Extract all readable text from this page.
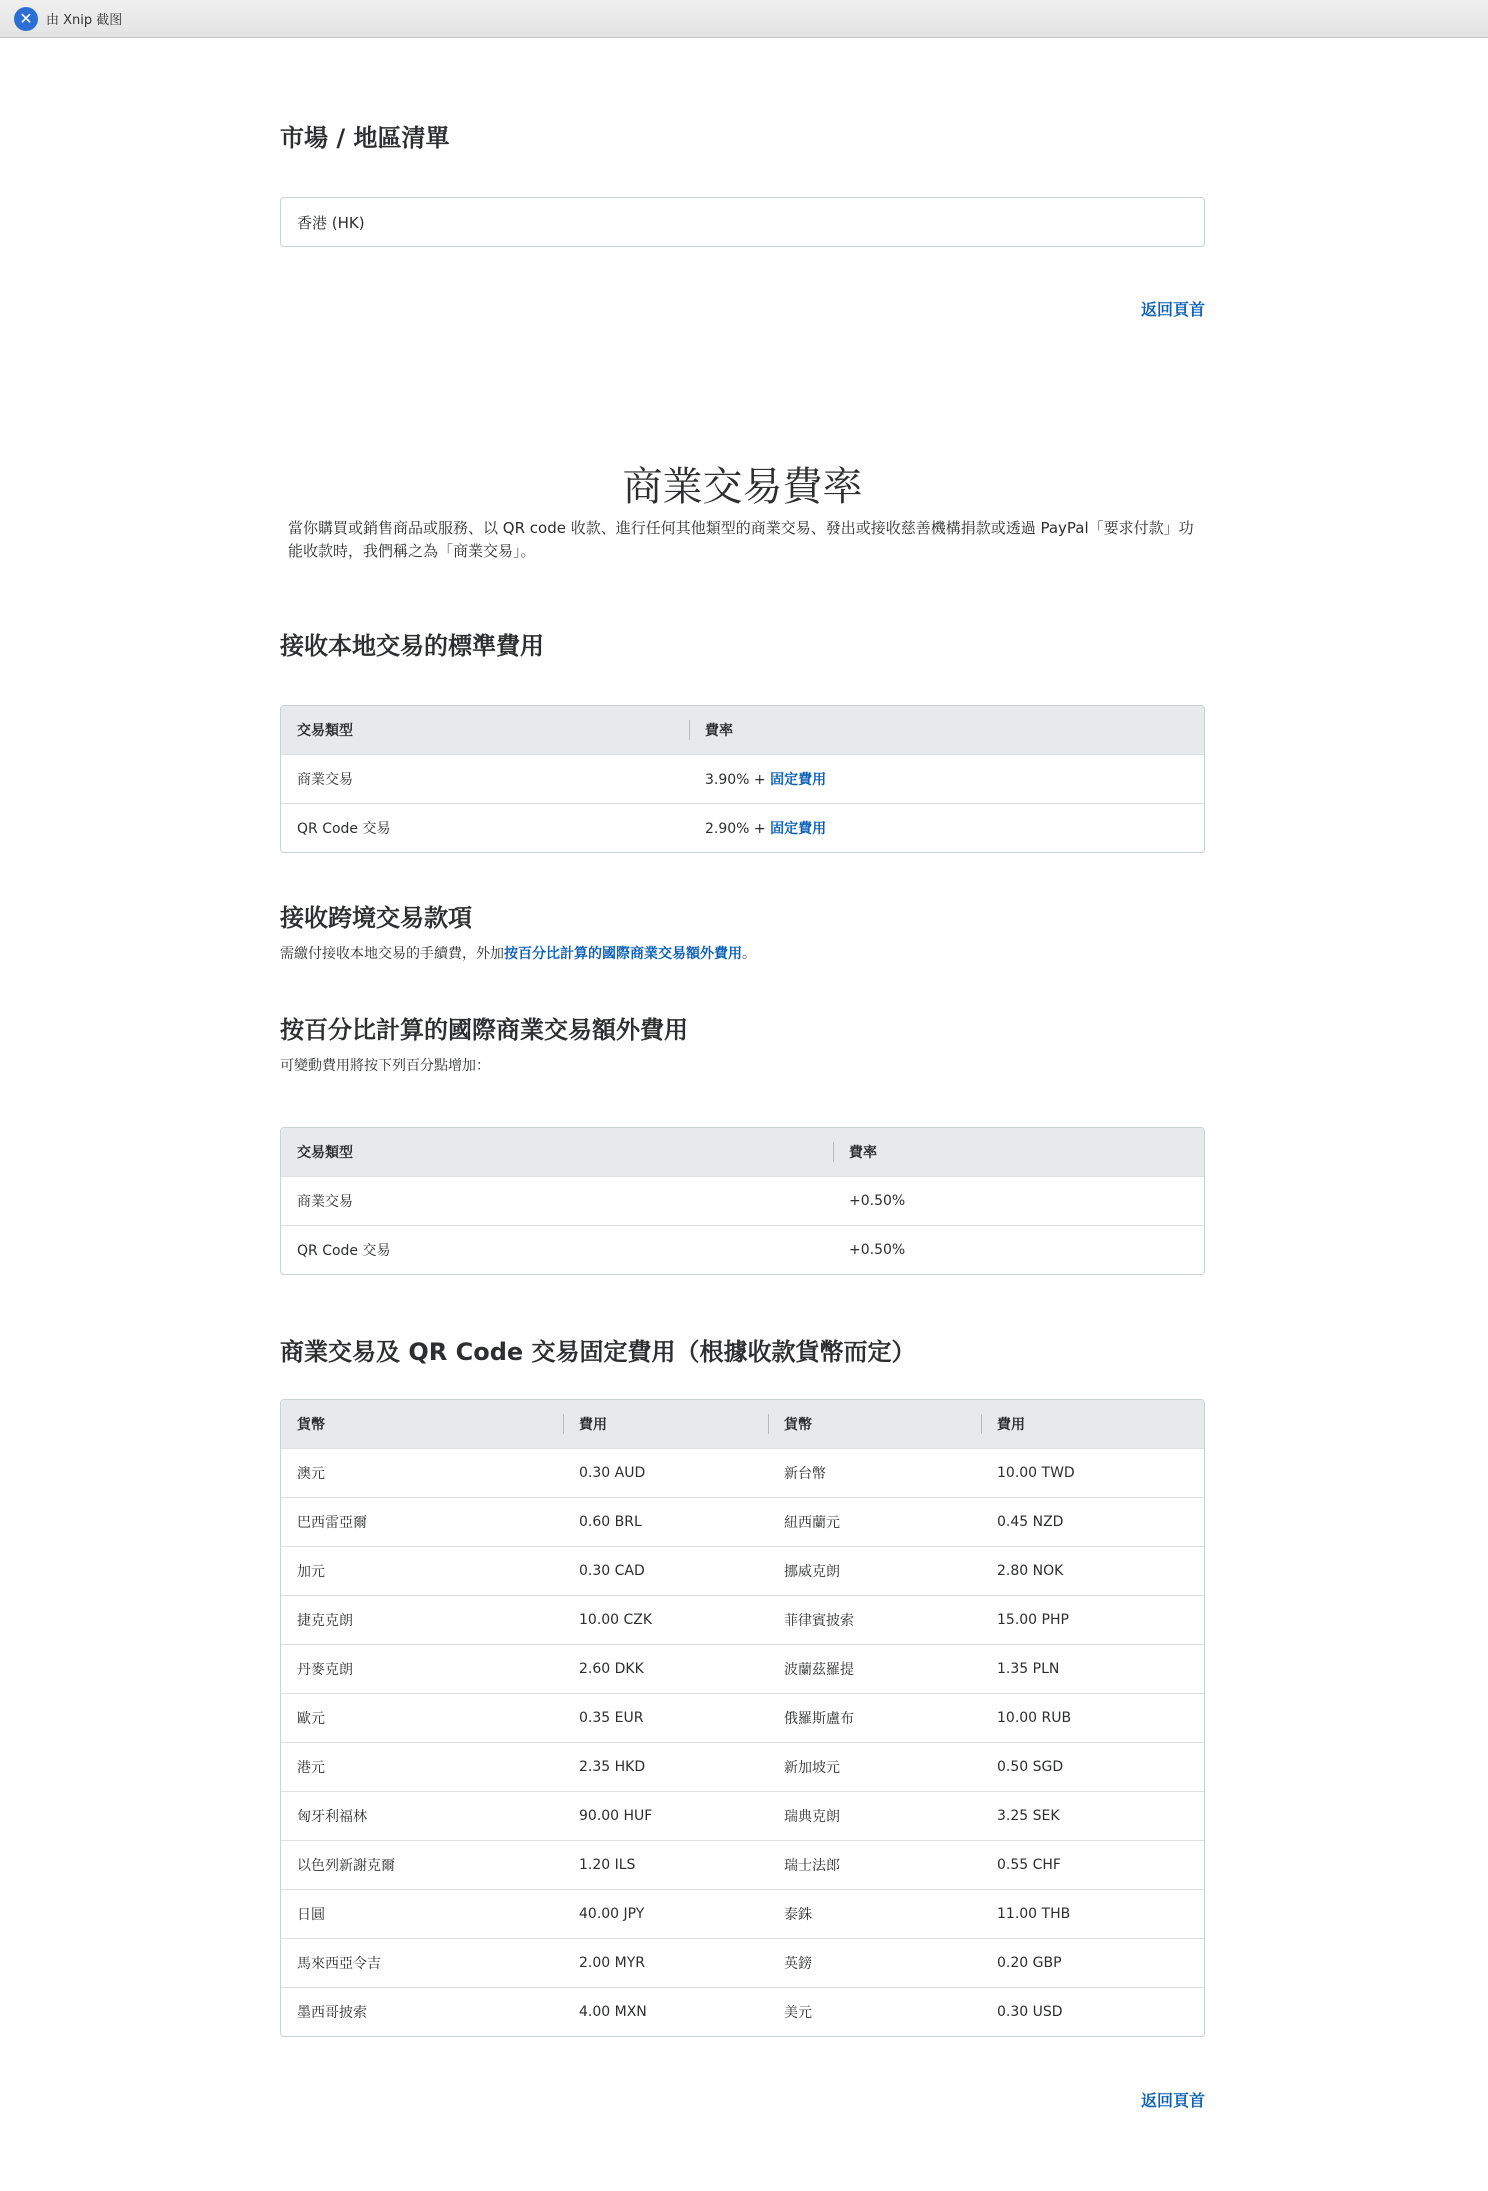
✕	由 Xnip 截图
市場 / 地區清單
香港 (HK)
返回頁首
商業交易費率

當你購買或銷售商品或服務、以 QR code 收款、進行任何其他類型的商業交易、發出或接收慈善機構捐款或透過 PayPal「要求付款」功能收款時，我們稱之為「商業交易」。

接收本地交易的標準費用
交易類型	費率
商業交易	3.90% + 固定費用
QR Code 交易	2.90% + 固定費用
接收跨境交易款項
需繳付接收本地交易的手續費，外加按百分比計算的國際商業交易額外費用。
按百分比計算的國際商業交易額外費用
可變動費用將按下列百分點增加：
交易類型	費率
商業交易	+0.50%
QR Code 交易	+0.50%
商業交易及 QR Code 交易固定費用（根據收款貨幣而定）
貨幣	費用	貨幣	費用
澳元	0.30 AUD	新台幣	10.00 TWD
巴西雷亞爾	0.60 BRL	紐西蘭元	0.45 NZD
加元	0.30 CAD	挪威克朗	2.80 NOK
捷克克朗	10.00 CZK	菲律賓披索	15.00 PHP
丹麥克朗	2.60 DKK	波蘭茲羅提	1.35 PLN
歐元	0.35 EUR	俄羅斯盧布	10.00 RUB
港元	2.35 HKD	新加坡元	0.50 SGD
匈牙利福林	90.00 HUF	瑞典克朗	3.25 SEK
以色列新謝克爾	1.20 ILS	瑞士法郎	0.55 CHF
日圓	40.00 JPY	泰銖	11.00 THB
馬來西亞令吉	2.00 MYR	英鎊	0.20 GBP
墨西哥披索	4.00 MXN	美元	0.30 USD
返回頁首
